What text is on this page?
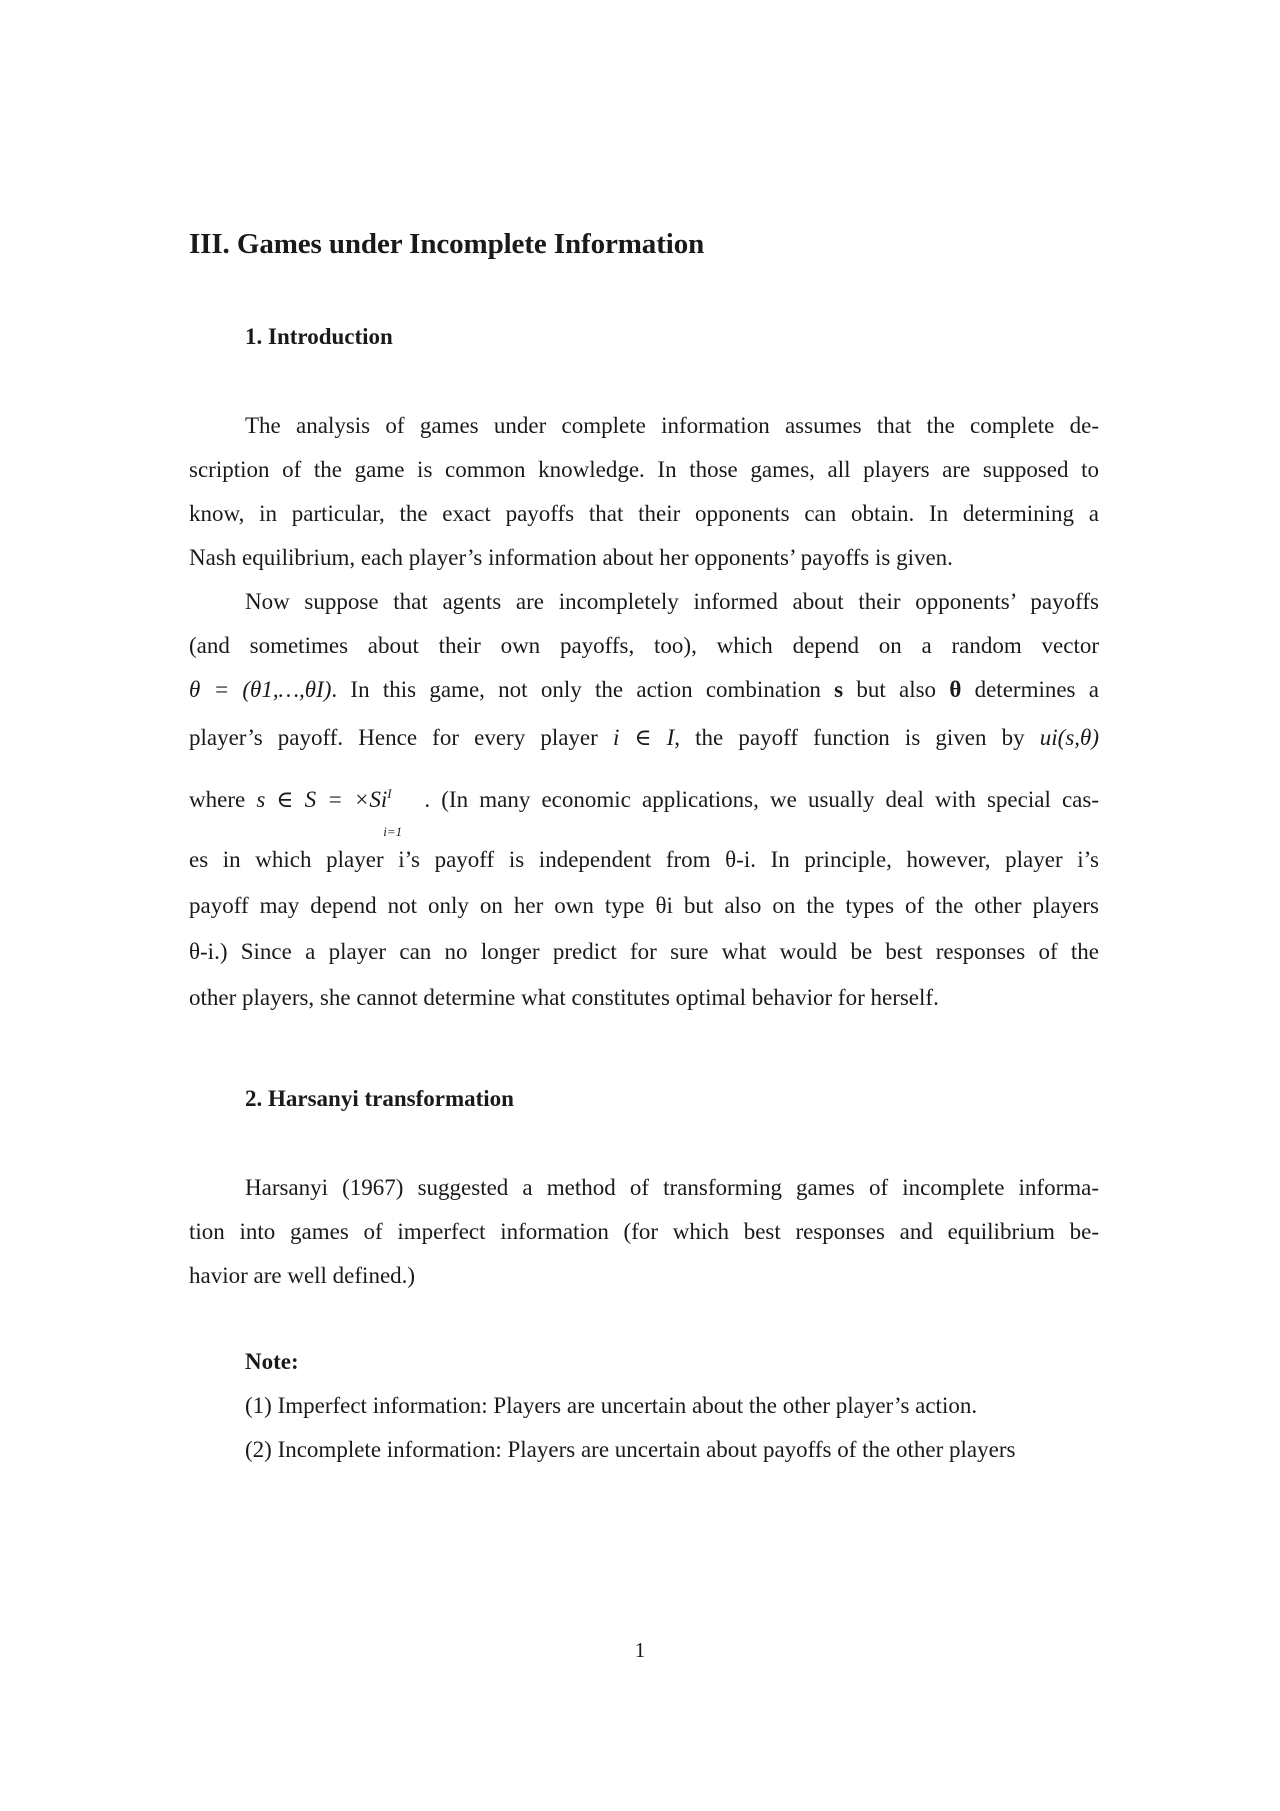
III. Games under Incomplete Information
1. Introduction
The analysis of games under complete information assumes that the complete de-
scription of the game is common knowledge. In those games, all players are supposed to
know, in particular, the exact payoffs that their opponents can obtain. In determining a
Nash equilibrium, each player’s information about her opponents’ payoffs is given.
Now suppose that agents are incompletely informed about their opponents’ payoffs
(and sometimes about their own payoffs, too), which depend on a random vector
θ = (θ1,…,θI). In this game, not only the action combination s but also θ determines a
player’s payoff. Hence for every player i ∈ I, the payoff function is given by ui(s,θ)
where s ∈ S = ×Si I
i=1
. (In many economic applications, we usually deal with special cas-
es in which player i’s payoff is independent from θ-i. In principle, however, player i’s
payoff may depend not only on her own type θi but also on the types of the other players
θ-i.) Since a player can no longer predict for sure what would be best responses of the
other players, she cannot determine what constitutes optimal behavior for herself.
2. Harsanyi transformation
Harsanyi (1967) suggested a method of transforming games of incomplete informa-
tion into games of imperfect information (for which best responses and equilibrium be-
havior are well defined.)
Note:
(1) Imperfect information: Players are uncertain about the other player’s action.
(2) Incomplete information: Players are uncertain about payoffs of the other players
1
